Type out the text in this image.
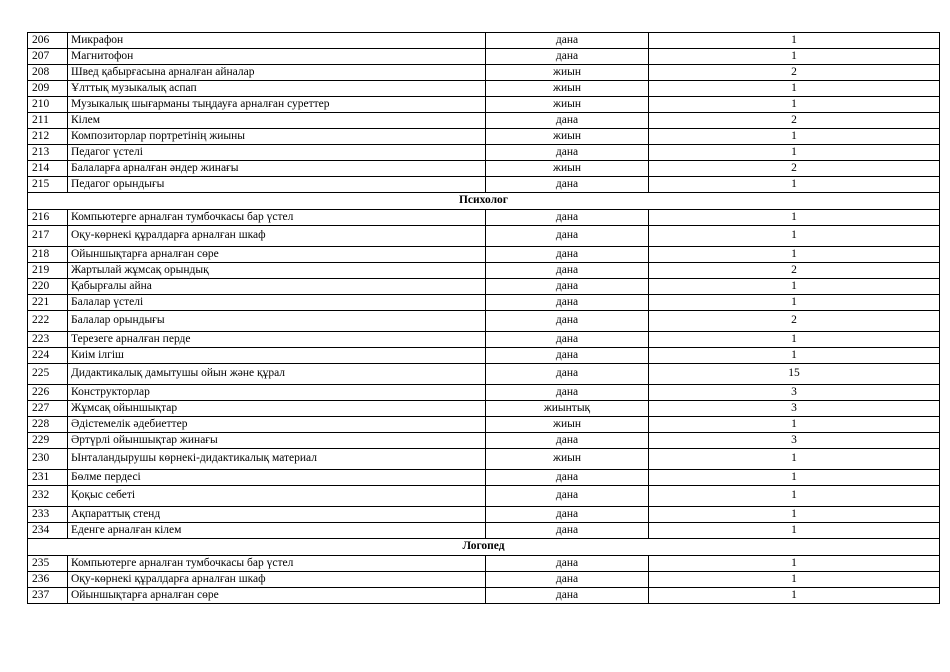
206	Микрафон	дана	1
207	Магнитофон	дана	1
208	Швед қабырғасына арналған айналар	жиын	2
209	Ұлттық музыкалық аспап	жиын	1
210	Музыкалық шығарманы тыңдауға арналған суреттер	жиын	1
211	Кілем	дана	2
212	Композиторлар портретінің жиыны	жиын	1
213	Педагог үстелі	дана	1
214	Балаларға арналған әндер жинағы	жиын	2
215	Педагог орындығы	дана	1
Психолог			
216	Компьютерге арналған тумбочкасы бар үстел	дана	1
217	Оқу-көрнекі құралдарға арналған шкаф	дана	1
218	Ойыншықтарға арналған сөре	дана	1
219	Жартылай жұмсақ орындық	дана	2
220	Қабырғалы айна	дана	1
221	Балалар үстелі	дана	1
222	Балалар орындығы	дана	2
223	Терезеге арналған перде	дана	1
224	Киім ілгіш	дана	1
225	Дидактикалық дамытушы ойын және құрал	дана	15
226	Конструкторлар	дана	3
227	Жұмсақ ойыншықтар	жиынтық	3
228	Әдістемелік әдебиеттер	жиын	1
229	Әртүрлі ойыншықтар жинағы	дана	3
230	Ынталандырушы көрнекі-дидактикалық материал	жиын	1
231	Бөлме пердесі	дана	1
232	Қоқыс себеті	дана	1
233	Ақпараттық стенд	дана	1
234	Еденге арналған кілем	дана	1
Логопед			
235	Компьютерге арналған тумбочкасы бар үстел	дана	1
236	Оқу-көрнекі құралдарға арналған шкаф	дана	1
237	Ойыншықтарға арналған сөре	дана	1
